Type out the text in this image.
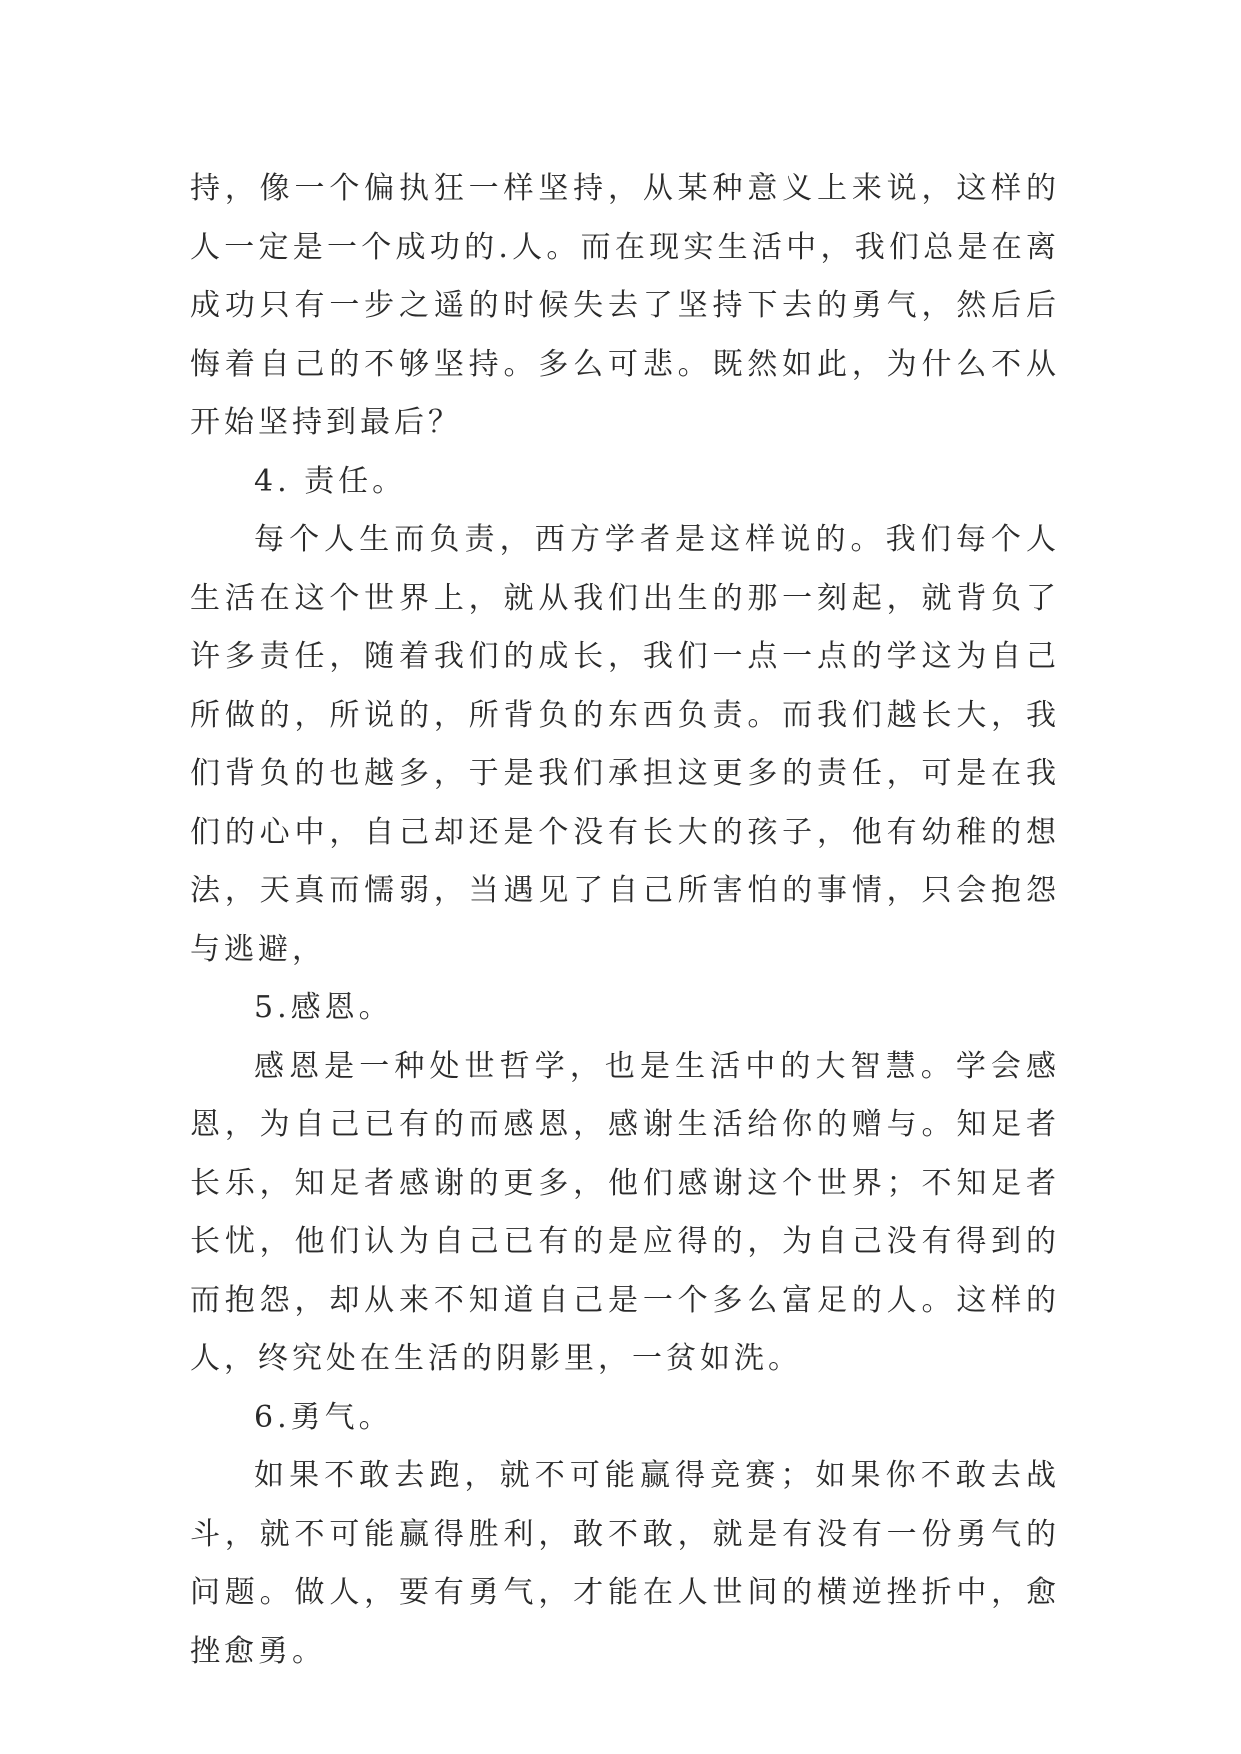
持，像一个偏执狂一样坚持，从某种意义上来说，这样的人一定是一个成功的.人。而在现实生活中，我们总是在离成功只有一步之遥的时候失去了坚持下去的勇气，然后后悔着自己的不够坚持。多么可悲。既然如此，为什么不从开始坚持到最后？

4. 责任。

每个人生而负责，西方学者是这样说的。我们每个人生活在这个世界上，就从我们出生的那一刻起，就背负了许多责任，随着我们的成长，我们一点一点的学这为自己所做的，所说的，所背负的东西负责。而我们越长大，我们背负的也越多，于是我们承担这更多的责任，可是在我们的心中，自己却还是个没有长大的孩子，他有幼稚的想法，天真而懦弱，当遇见了自己所害怕的事情，只会抱怨与逃避，

5.感恩。

感恩是一种处世哲学，也是生活中的大智慧。学会感恩，为自己已有的而感恩，感谢生活给你的赠与。知足者长乐，知足者感谢的更多，他们感谢这个世界；不知足者长忧，他们认为自己已有的是应得的，为自己没有得到的而抱怨，却从来不知道自己是一个多么富足的人。这样的人，终究处在生活的阴影里，一贫如洗。

6.勇气。

如果不敢去跑，就不可能赢得竞赛；如果你不敢去战斗，就不可能赢得胜利，敢不敢，就是有没有一份勇气的问题。做人，要有勇气，才能在人世间的横逆挫折中，愈挫愈勇。
